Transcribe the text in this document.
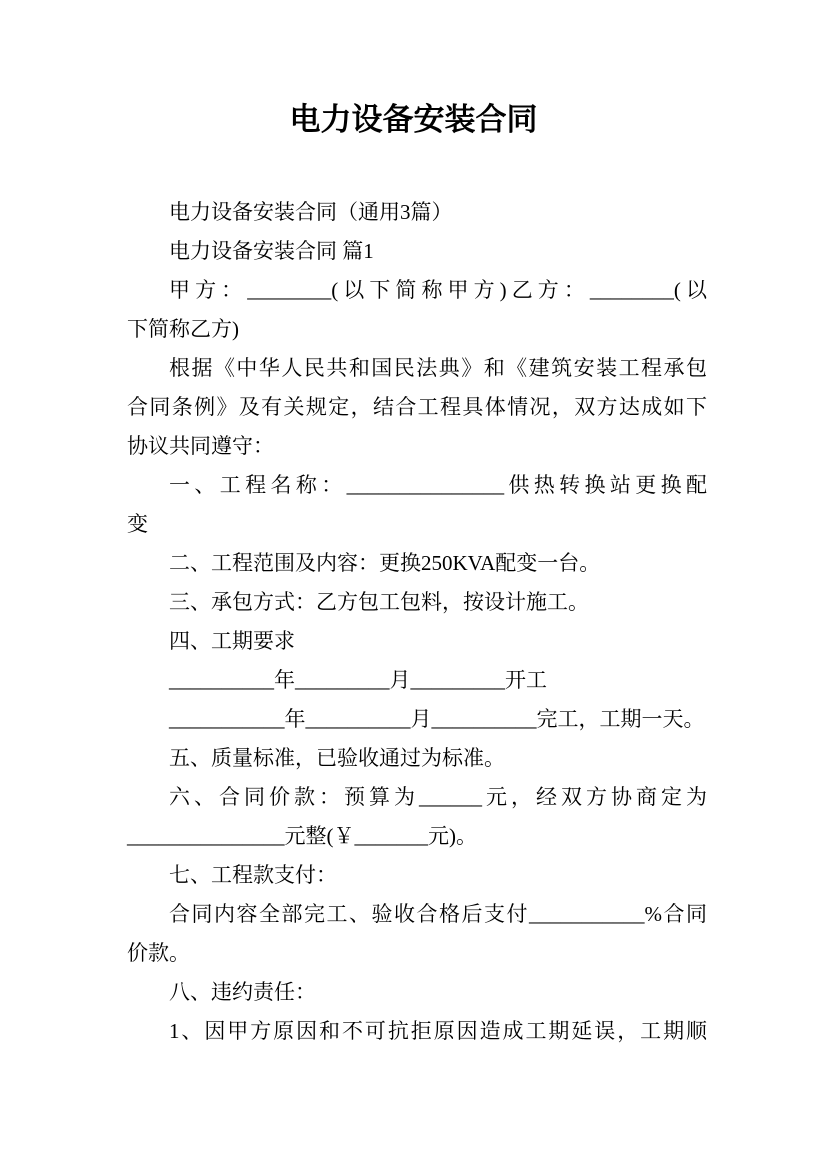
电力设备安装合同
电力设备安装合同（通用3篇）
电力设备安装合同 篇1
甲方：________(以下简称甲方)乙方：________(以
下简称乙方)
根据《中华人民共和国民法典》和《建筑安装工程承包
合同条例》及有关规定，结合工程具体情况，双方达成如下
协议共同遵守：
一、工程名称：_______________供热转换站更换配
变
二、工程范围及内容：更换250KVA配变一台。
三、承包方式：乙方包工包料，按设计施工。
四、工期要求
__________年_________月_________开工
___________年__________月__________完工，工期一天。
五、质量标准，已验收通过为标准。
六、合同价款：预算为______元，经双方协商定为
_______________元整(￥_______元)。
七、工程款支付：
合同内容全部完工、验收合格后支付___________%合同
价款。
八、违约责任：
1、因甲方原因和不可抗拒原因造成工期延误，工期顺
